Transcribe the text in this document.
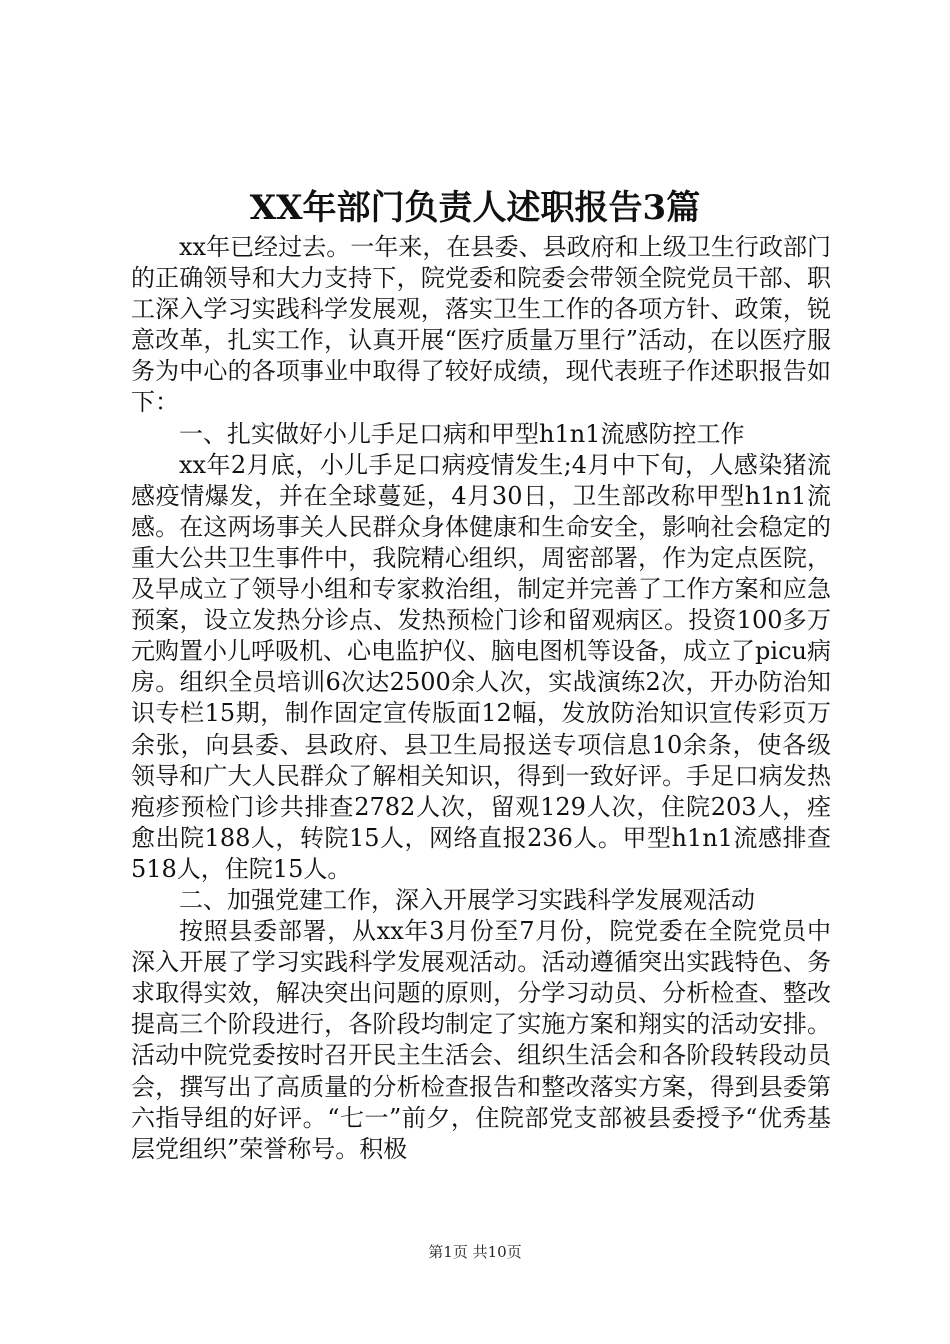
XX年部门负责人述职报告3篇

xx年已经过去。一年来，在县委、县政府和上级卫生行政部门的正确领导和大力支持下，院党委和院委会带领全院党员干部、职工深入学习实践科学发展观，落实卫生工作的各项方针、政策，锐意改革，扎实工作，认真开展“医疗质量万里行”活动，在以医疗服务为中心的各项事业中取得了较好成绩，现代表班子作述职报告如下：

一、扎实做好小儿手足口病和甲型h1n1流感防控工作

xx年2月底，小儿手足口病疫情发生;4月中下旬，人感染猪流感疫情爆发，并在全球蔓延，4月30日，卫生部改称甲型h1n1流感。在这两场事关人民群众身体健康和生命安全，影响社会稳定的重大公共卫生事件中，我院精心组织，周密部署，作为定点医院，及早成立了领导小组和专家救治组，制定并完善了工作方案和应急预案，设立发热分诊点、发热预检门诊和留观病区。投资100多万元购置小儿呼吸机、心电监护仪、脑电图机等设备，成立了picu病房。组织全员培训6次达2500余人次，实战演练2次，开办防治知识专栏15期，制作固定宣传版面12幅，发放防治知识宣传彩页万余张，向县委、县政府、县卫生局报送专项信息10余条，使各级领导和广大人民群众了解相关知识，得到一致好评。手足口病发热疱疹预检门诊共排查2782人次，留观129人次，住院203人，痊愈出院188人，转院15人，网络直报236人。甲型h1n1流感排查518人，住院15人。

二、加强党建工作，深入开展学习实践科学发展观活动

按照县委部署，从xx年3月份至7月份，院党委在全院党员中深入开展了学习实践科学发展观活动。活动遵循突出实践特色、务求取得实效，解决突出问题的原则，分学习动员、分析检查、整改提高三个阶段进行，各阶段均制定了实施方案和翔实的活动安排。活动中院党委按时召开民主生活会、组织生活会和各阶段转段动员会，撰写出了高质量的分析检查报告和整改落实方案，得到县委第六指导组的好评。“七一”前夕，住院部党支部被县委授予“优秀基层党组织”荣誉称号。积极

第1页 共10页
